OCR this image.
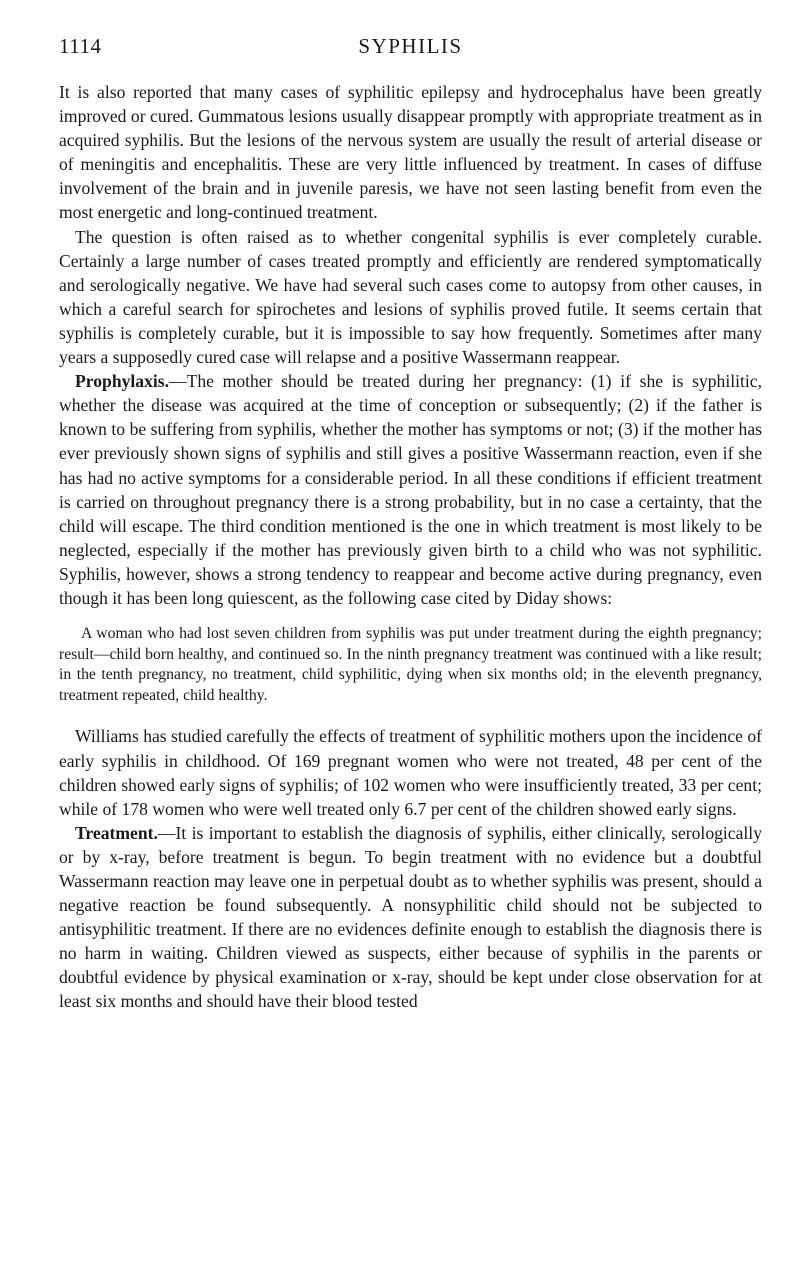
1114	SYPHILIS

It is also reported that many cases of syphilitic epilepsy and hydrocephalus have been greatly improved or cured. Gummatous lesions usually disappear promptly with appropriate treatment as in acquired syphilis. But the lesions of the nervous system are usually the result of arterial disease or of meningitis and encephalitis. These are very little influenced by treatment. In cases of diffuse involvement of the brain and in juvenile paresis, we have not seen lasting benefit from even the most energetic and long-continued treatment.

The question is often raised as to whether congenital syphilis is ever completely curable. Certainly a large number of cases treated promptly and efficiently are rendered symptomatically and serologically negative. We have had several such cases come to autopsy from other causes, in which a careful search for spirochetes and lesions of syphilis proved futile. It seems certain that syphilis is completely curable, but it is impossible to say how frequently. Sometimes after many years a supposedly cured case will relapse and a positive Wassermann reappear.

Prophylaxis.—The mother should be treated during her pregnancy: (1) if she is syphilitic, whether the disease was acquired at the time of conception or subsequently; (2) if the father is known to be suffering from syphilis, whether the mother has symptoms or not; (3) if the mother has ever previously shown signs of syphilis and still gives a positive Wassermann reaction, even if she has had no active symptoms for a considerable period. In all these conditions if efficient treatment is carried on throughout pregnancy there is a strong probability, but in no case a certainty, that the child will escape. The third condition mentioned is the one in which treatment is most likely to be neglected, especially if the mother has previously given birth to a child who was not syphilitic. Syphilis, however, shows a strong tendency to reappear and become active during pregnancy, even though it has been long quiescent, as the following case cited by Diday shows:

A woman who had lost seven children from syphilis was put under treatment during the eighth pregnancy; result—child born healthy, and continued so. In the ninth pregnancy treatment was continued with a like result; in the tenth pregnancy, no treatment, child syphilitic, dying when six months old; in the eleventh pregnancy, treatment repeated, child healthy.

Williams has studied carefully the effects of treatment of syphilitic mothers upon the incidence of early syphilis in childhood. Of 169 pregnant women who were not treated, 48 per cent of the children showed early signs of syphilis; of 102 women who were insufficiently treated, 33 per cent; while of 178 women who were well treated only 6.7 per cent of the children showed early signs.

Treatment.—It is important to establish the diagnosis of syphilis, either clinically, serologically or by x-ray, before treatment is begun. To begin treatment with no evidence but a doubtful Wassermann reaction may leave one in perpetual doubt as to whether syphilis was present, should a negative reaction be found subsequently. A nonsyphilitic child should not be subjected to antisyphilitic treatment. If there are no evidences definite enough to establish the diagnosis there is no harm in waiting. Children viewed as suspects, either because of syphilis in the parents or doubtful evidence by physical examination or x-ray, should be kept under close observation for at least six months and should have their blood tested
